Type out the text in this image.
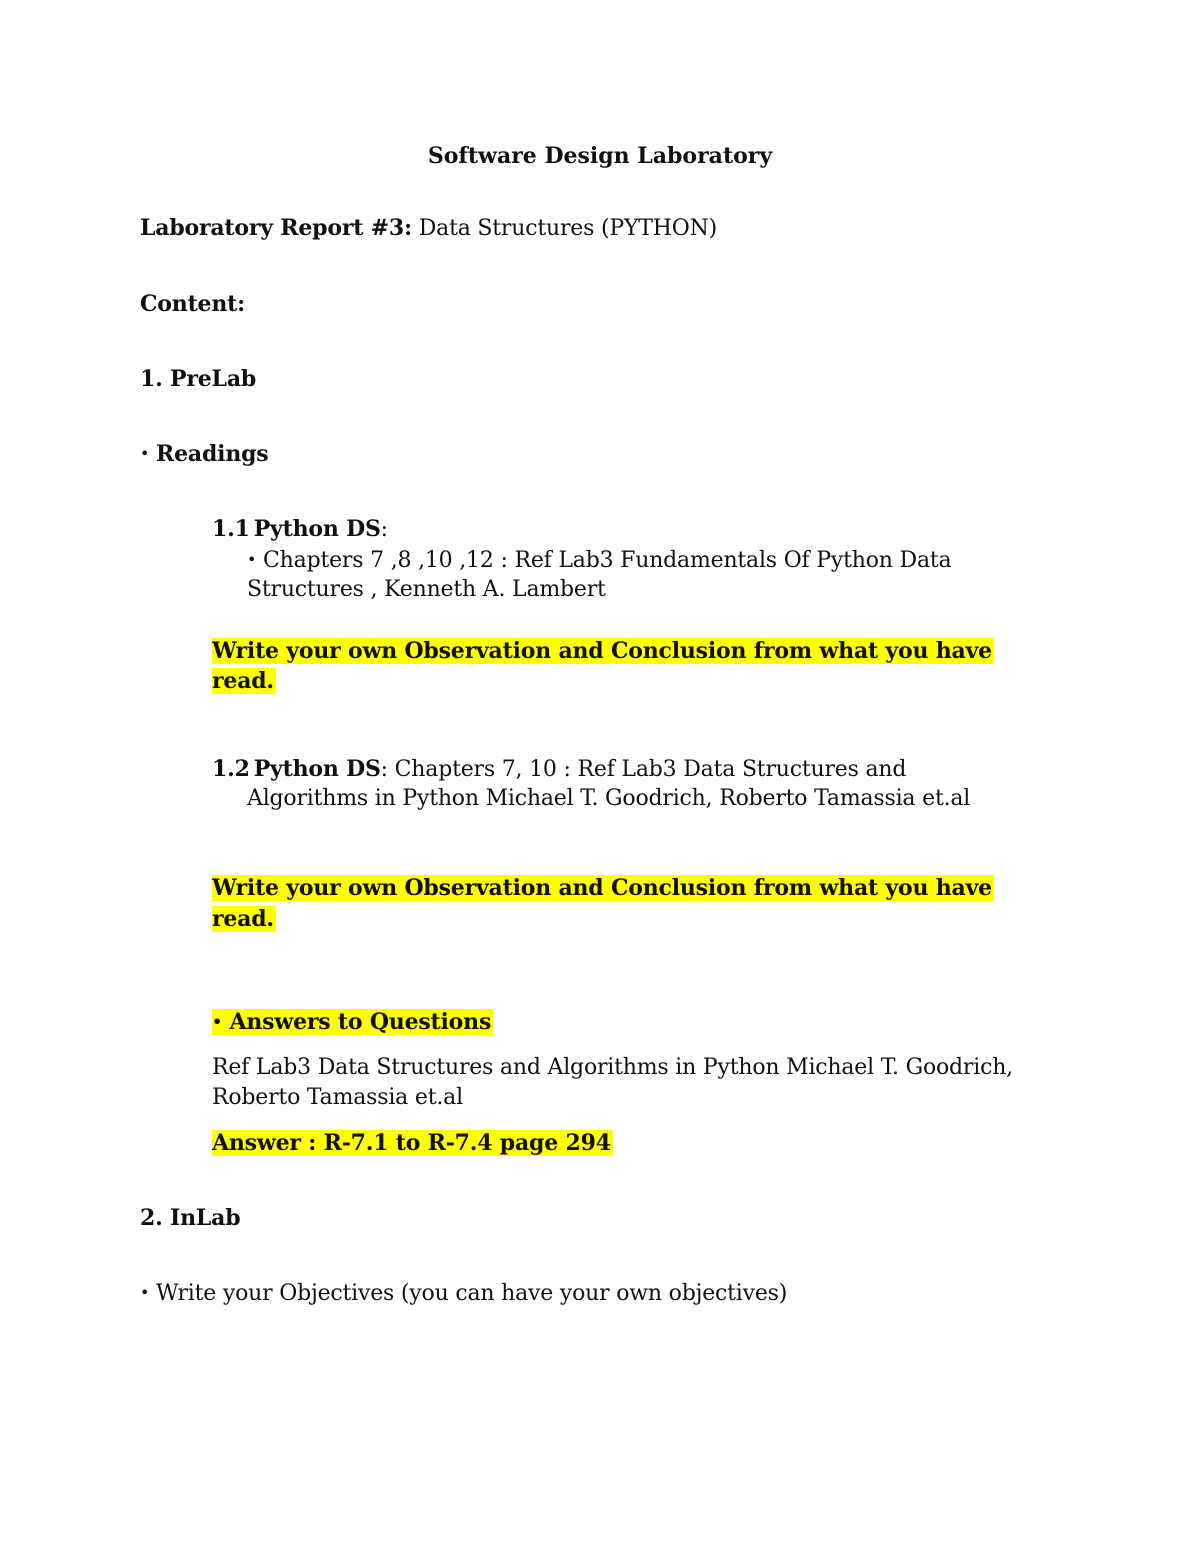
Software Design Laboratory
Laboratory Report #3: Data Structures (PYTHON)
Content:
1. PreLab
• Readings
1.1 Python DS:
• Chapters 7 ,8 ,10 ,12 : Ref Lab3 Fundamentals Of Python Data
Structures , Kenneth A. Lambert
Write your own Observation and Conclusion from what you have
read.
1.2 Python DS: Chapters 7, 10 : Ref Lab3 Data Structures and
Algorithms in Python Michael T. Goodrich, Roberto Tamassia et.al
Write your own Observation and Conclusion from what you have
read.
• Answers to Questions
Ref Lab3 Data Structures and Algorithms in Python Michael T. Goodrich,
Roberto Tamassia et.al
Answer : R-7.1 to R-7.4 page 294
2. InLab
• Write your Objectives (you can have your own objectives)
